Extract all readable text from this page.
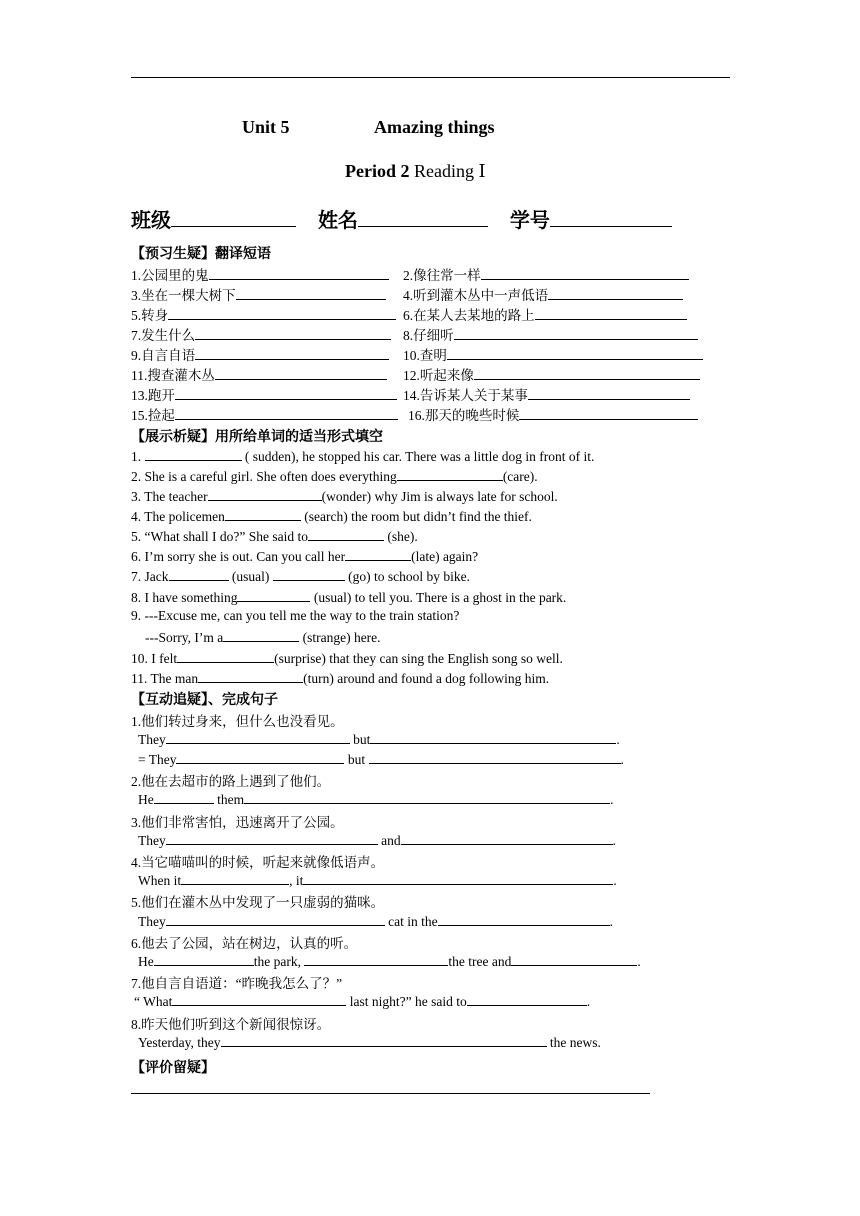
Unit 5	Amazing things
Period 2 Reading Ⅰ
班级	姓名	学号
【预习生疑】翻译短语
1.公园里的鬼	2.像往常一样
3.坐在一棵大树下	4.听到灌木丛中一声低语
5.转身	6.在某人去某地的路上
7.发生什么	8.仔细听
9.自言自语	10.查明
11.搜查灌木丛	12.听起来像
13.跑开	14.告诉某人关于某事
15.捡起	16.那天的晚些时候
【展示析疑】用所给单词的适当形式填空
1.	( sudden), he stopped his car. There was a little dog in front of it.
2. She is a careful girl. She often does everything	(care).
3. The teacher	(wonder) why Jim is always late for school.
4. The policemen	(search) the room but didn’t find the thief.
5. “What shall I do?” She said to	(she).
6. I’m sorry she is out. Can you call her	(late) again?
7. Jack	(usual)	(go) to school by bike.
8. I have something	(usual) to tell you. There is a ghost in the park.
9. ---Excuse me, can you tell me the way to the train station?
---Sorry, I’m a	(strange) here.
10. I felt	(surprise) that they can sing the English song so well.
11. The man	(turn) around and found a dog following him.
【互动追疑】、完成句子
1.他们转过身来，但什么也没看见。
They	but	.
= They	but	.
2.他在去超市的路上遇到了他们。
He	them	.
3.他们非常害怕，迅速离开了公园。
They	and	.
4.当它喵喵叫的时候，听起来就像低语声。
When it	, it	.
5.他们在灌木丛中发现了一只虚弱的猫咪。
They	cat in the	.
6.他去了公园，站在树边，认真的听。
He	the park,	the tree and	.
7.他自言自语道：“昨晚我怎么了？”
“ What	last night?” he said to	.
8.昨天他们听到这个新闻很惊讶。
Yesterday, they	the news.
【评价留疑】
